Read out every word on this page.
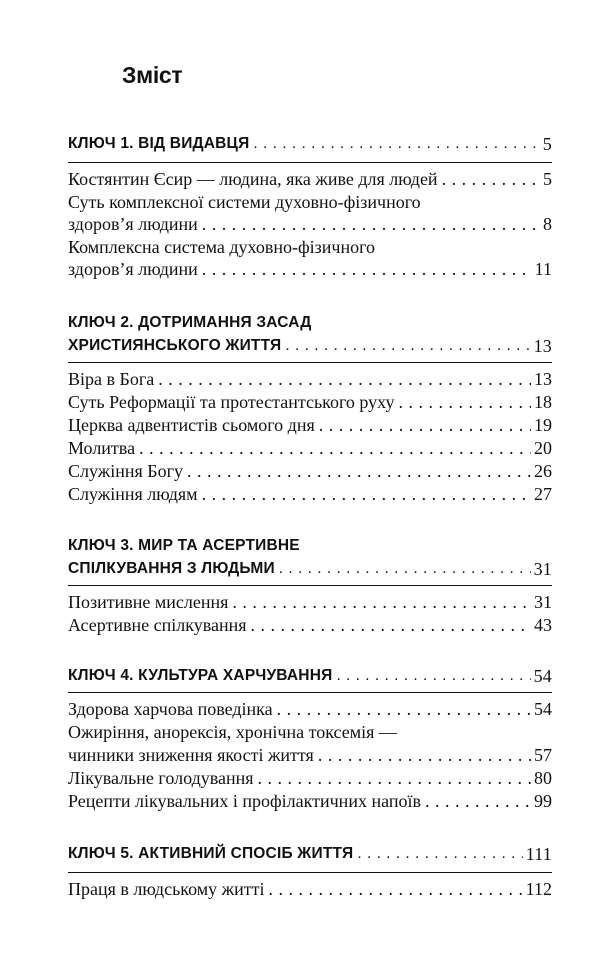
Зміст
КЛЮЧ 1. ВІД ВИДАВЦЯ . . .	5
Костянтин Єсир — людина, яка живе для людей . . .	5
Суть комплексної системи духовно-фізичного
здоров’я людини . . .	8
Комплексна система духовно-фізичного
здоров’я людини . . .	11
КЛЮЧ 2. ДОТРИМАННЯ ЗАСАД
ХРИСТИЯНСЬКОГО ЖИТТЯ . . .	13
Віра в Бога . . .	13
Суть Реформації та протестантського руху . . .	18
Церква адвентистів сьомого дня . . .	19
Молитва . . .	20
Служіння Богу . . .	26
Служіння людям . . .	27
КЛЮЧ 3. МИР ТА АСЕРТИВНЕ
СПІЛКУВАННЯ З ЛЮДЬМИ . . .	31
Позитивне мислення . . .	31
Асертивне спілкування . . .	43
КЛЮЧ 4. КУЛЬТУРА ХАРЧУВАННЯ . . .	54
Здорова харчова поведінка . . .	54
Ожиріння, анорексія, хронічна токсемія —
чинники зниження якості життя . . .	57
Лікувальне голодування . . .	80
Рецепти лікувальних і профілактичних напоїв . . .	99
КЛЮЧ 5. АКТИВНИЙ СПОСІБ ЖИТТЯ . . .	111
Праця в людському житті . . .	112
